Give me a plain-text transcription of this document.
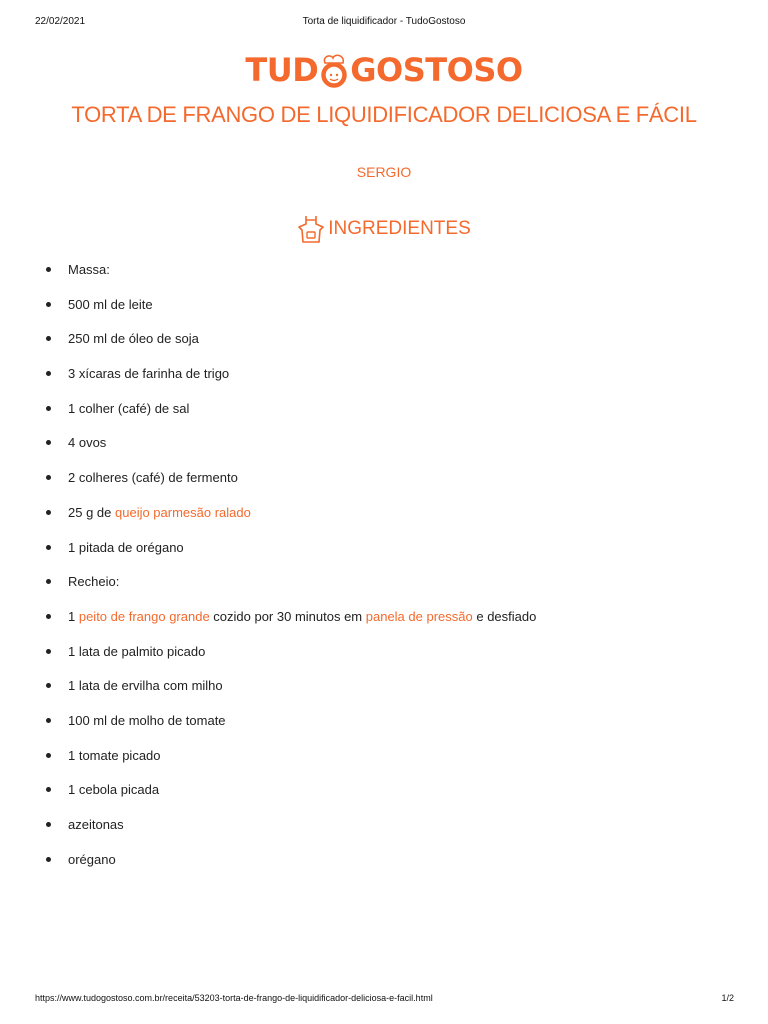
22/02/2021	Torta de liquidificador - TudoGostoso
TUD GOSTOSO
TORTA DE FRANGO DE LIQUIDIFICADOR DELICIOSA E FÁCIL
SERGIO
INGREDIENTES
Massa:
500 ml de leite
250 ml de óleo de soja
3 xícaras de farinha de trigo
1 colher (café) de sal
4 ovos
2 colheres (café) de fermento
25 g de queijo parmesão ralado
1 pitada de orégano
Recheio:
1 peito de frango grande cozido por 30 minutos em panela de pressão e desfiado
1 lata de palmito picado
1 lata de ervilha com milho
100 ml de molho de tomate
1 tomate picado
1 cebola picada
azeitonas
orégano
https://www.tudogostoso.com.br/receita/53203-torta-de-frango-de-liquidificador-deliciosa-e-facil.html	1/2
